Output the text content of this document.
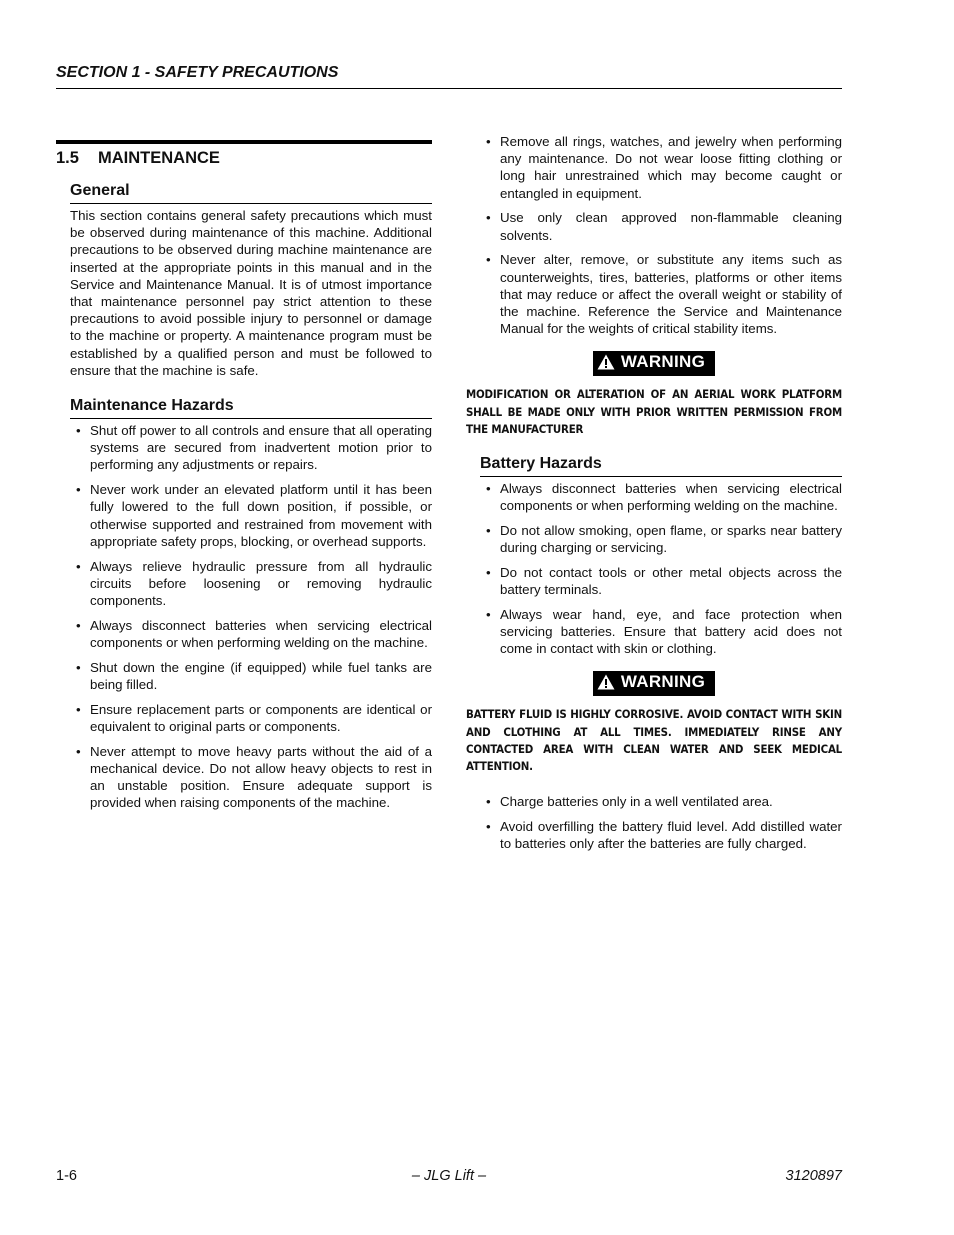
SECTION 1 - SAFETY PRECAUTIONS
1.5 MAINTENANCE
General

This section contains general safety precautions which must be observed during maintenance of this machine. Additional precautions to be observed during machine maintenance are inserted at the appropriate points in this manual and in the Service and Maintenance Manual. It is of utmost importance that maintenance personnel pay strict attention to these precautions to avoid possible injury to personnel or damage to the machine or property. A maintenance program must be established by a qualified person and must be followed to ensure that the machine is safe.

Maintenance Hazards
• Shut off power to all controls and ensure that all operating systems are secured from inadvertent motion prior to performing any adjustments or repairs.
• Never work under an elevated platform until it has been fully lowered to the full down position, if possible, or otherwise supported and restrained from movement with appropriate safety props, blocking, or overhead supports.
• Always relieve hydraulic pressure from all hydraulic circuits before loosening or removing hydraulic components.
• Always disconnect batteries when servicing electrical components or when performing welding on the machine.
• Shut down the engine (if equipped) while fuel tanks are being filled.
• Ensure replacement parts or components are identical or equivalent to original parts or components.
• Never attempt to move heavy parts without the aid of a mechanical device. Do not allow heavy objects to rest in an unstable position. Ensure adequate support is provided when raising components of the machine.
• Remove all rings, watches, and jewelry when performing any maintenance. Do not wear loose fitting clothing or long hair unrestrained which may become caught or entangled in equipment.
• Use only clean approved non-flammable cleaning solvents.
• Never alter, remove, or substitute any items such as counterweights, tires, batteries, platforms or other items that may reduce or affect the overall weight or stability of the machine. Reference the Service and Maintenance Manual for the weights of critical stability items.
WARNING

MODIFICATION OR ALTERATION OF AN AERIAL WORK PLATFORM SHALL BE MADE ONLY WITH PRIOR WRITTEN PERMISSION FROM THE MANUFACTURER

Battery Hazards
• Always disconnect batteries when servicing electrical components or when performing welding on the machine.
• Do not allow smoking, open flame, or sparks near battery during charging or servicing.
• Do not contact tools or other metal objects across the battery terminals.
• Always wear hand, eye, and face protection when servicing batteries. Ensure that battery acid does not come in contact with skin or clothing.
WARNING

BATTERY FLUID IS HIGHLY CORROSIVE. AVOID CONTACT WITH SKIN AND CLOTHING AT ALL TIMES. IMMEDIATELY RINSE ANY CONTACTED AREA WITH CLEAN WATER AND SEEK MEDICAL ATTENTION.

• Charge batteries only in a well ventilated area.
• Avoid overfilling the battery fluid level. Add distilled water to batteries only after the batteries are fully charged.
1-6	– JLG Lift –	3120897
